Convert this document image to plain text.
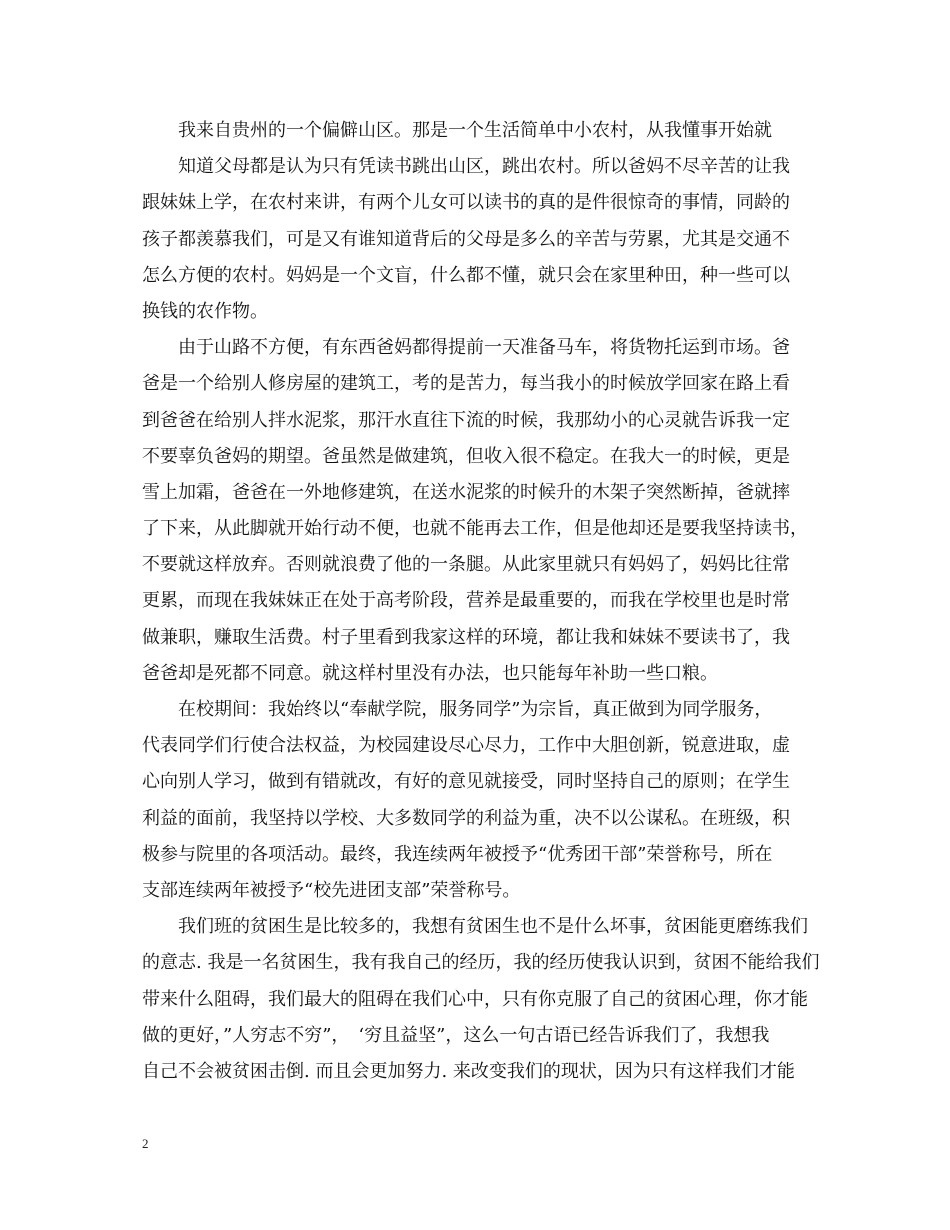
　　我来自贵州的一个偏僻山区。那是一个生活简单中小农村，从我懂事开始就
　　知道父母都是认为只有凭读书跳出山区，跳出农村。所以爸妈不尽辛苦的让我
跟妹妹上学，在农村来讲，有两个儿女可以读书的真的是件很惊奇的事情，同龄的
孩子都羡慕我们，可是又有谁知道背后的父母是多么的辛苦与劳累，尤其是交通不
怎么方便的农村。妈妈是一个文盲，什么都不懂，就只会在家里种田，种一些可以
换钱的农作物。
　　由于山路不方便，有东西爸妈都得提前一天准备马车，将货物托运到市场。爸
爸是一个给别人修房屋的建筑工，考的是苦力，每当我小的时候放学回家在路上看
到爸爸在给别人拌水泥浆，那汗水直往下流的时候，我那幼小的心灵就告诉我一定
不要辜负爸妈的期望。爸虽然是做建筑，但收入很不稳定。在我大一的时候，更是
雪上加霜，爸爸在一外地修建筑，在送水泥浆的时候升的木架子突然断掉，爸就摔
了下来，从此脚就开始行动不便，也就不能再去工作，但是他却还是要我坚持读书，
不要就这样放弃。否则就浪费了他的一条腿。从此家里就只有妈妈了，妈妈比往常
更累，而现在我妹妹正在处于高考阶段，营养是最重要的，而我在学校里也是时常
做兼职，赚取生活费。村子里看到我家这样的环境，都让我和妹妹不要读书了，我
爸爸却是死都不同意。就这样村里没有办法，也只能每年补助一些口粮。
　　在校期间：我始终以“奉献学院，服务同学”为宗旨，真正做到为同学服务，
代表同学们行使合法权益，为校园建设尽心尽力，工作中大胆创新，锐意进取，虚
心向别人学习，做到有错就改，有好的意见就接受，同时坚持自己的原则；在学生
利益的面前，我坚持以学校、大多数同学的利益为重，决不以公谋私。在班级，积
极参与院里的各项活动。最终，我连续两年被授予“优秀团干部”荣誉称号，所在
支部连续两年被授予“校先进团支部”荣誉称号。
　　我们班的贫困生是比较多的，我想有贫困生也不是什么坏事，贫困能更磨练我们
的意志. 我是一名贫困生，我有我自己的经历，我的经历使我认识到，贫困不能给我们
带来什么阻碍，我们最大的阻碍在我们心中，只有你克服了自己的贫困心理，你才能
做的更好，”人穷志不穷”，　‘穷且益坚”，这么一句古语已经告诉我们了，我想我
自己不会被贫困击倒. 而且会更加努力. 来改变我们的现状，因为只有这样我们才能
2
